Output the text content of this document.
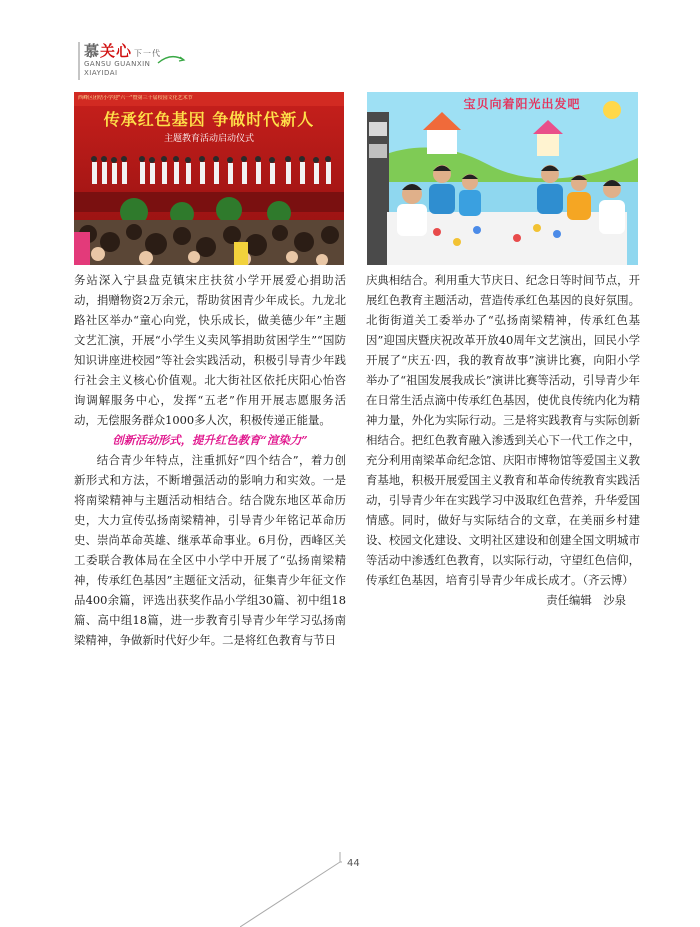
慕关心 下一代
GANSU GUANXIN
XIAYIDAI
西峰区团结小学迎"六一"暨第三十届校园文化艺术节
传承红色基因 争做时代新人
主题教育活动启动仪式
宝贝向着阳光出发吧

务站深入宁县盘克镇宋庄扶贫小学开展爱心捐助活动，捐赠物资2万余元，帮助贫困青少年成长。九龙北路社区举办“童心向党，快乐成长，做美德少年”主题文艺汇演，开展“小学生义卖风筝捐助贫困学生”“国防知识讲座进校园”等社会实践活动，积极引导青少年践行社会主义核心价值观。北大街社区依托庆阳心怡咨询调解服务中心，发挥“五老”作用开展志愿服务活动，无偿服务群众1000多人次，积极传递正能量。

创新活动形式，提升红色教育“渲染力”

结合青少年特点，注重抓好“四个结合”，着力创新形式和方法，不断增强活动的影响力和实效。一是将南梁精神与主题活动相结合。结合陇东地区革命历史，大力宣传弘扬南梁精神，引导青少年铭记革命历史、崇尚革命英雄、继承革命事业。6月份，西峰区关工委联合教体局在全区中小学中开展了“弘扬南梁精神，传承红色基因”主题征文活动，征集青少年征文作品400余篇，评选出获奖作品小学组30篇、初中组18篇、高中组18篇，进一步教育引导青少年学习弘扬南梁精神，争做新时代好少年。二是将红色教育与节日

庆典相结合。利用重大节庆日、纪念日等时间节点，开展红色教育主题活动，营造传承红色基因的良好氛围。北街街道关工委举办了“弘扬南梁精神，传承红色基因”迎国庆暨庆祝改革开放40周年文艺演出，回民小学开展了“庆五·四，我的教育故事”演讲比赛，向阳小学举办了“祖国发展我成长”演讲比赛等活动，引导青少年在日常生活点滴中传承红色基因，使优良传统内化为精神力量，外化为实际行动。三是将实践教育与实际创新相结合。把红色教育融入渗透到关心下一代工作之中，充分利用南梁革命纪念馆、庆阳市博物馆等爱国主义教育基地，积极开展爱国主义教育和革命传统教育实践活动，引导青少年在实践学习中汲取红色营养，升华爱国情感。同时，做好与实际结合的文章，在美丽乡村建设、校园文化建设、文明社区建设和创建全国文明城市等活动中渗透红色教育，以实际行动，守望红色信仰，传承红色基因，培育引导青少年成长成才。（齐云博）

责任编辑　沙泉

44
